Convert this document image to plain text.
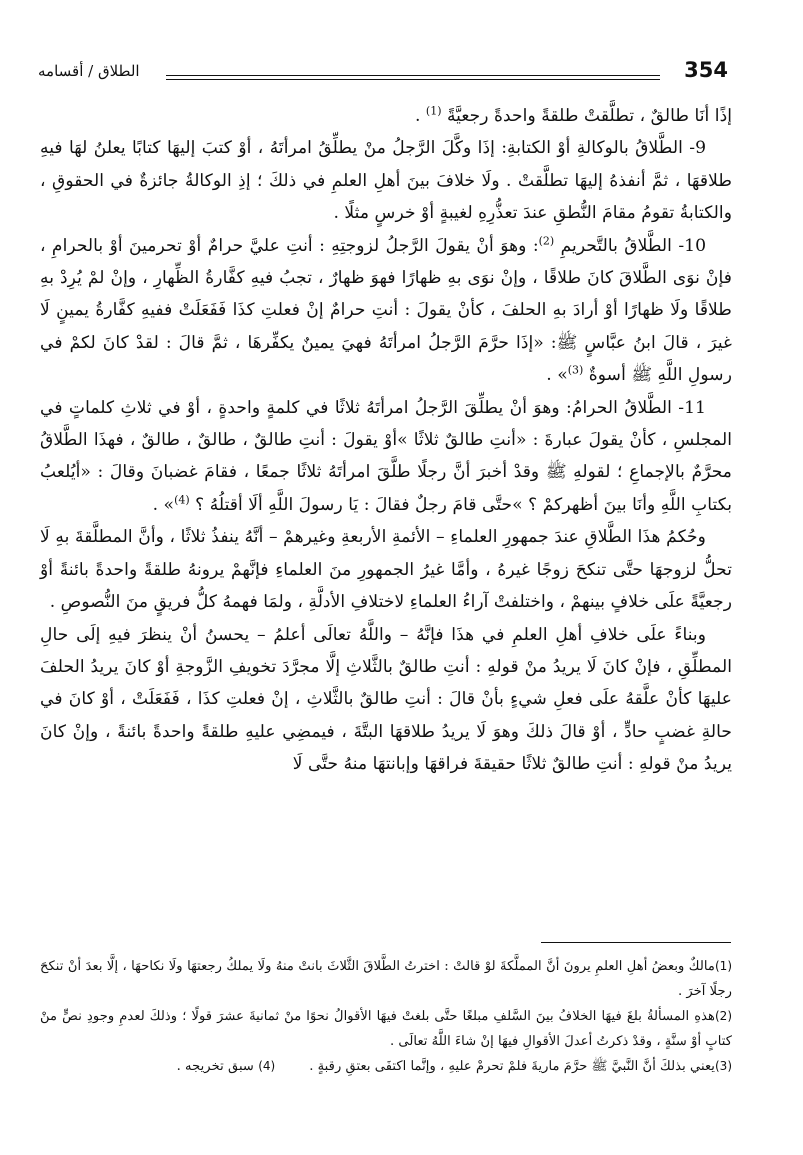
الطلاق / أقسامه	354

إذًا أنَا طالقٌ ، تطلَّقتْ طلقةً واحدةً رجعيَّةً $^{(1)}$ .

9- الطَّلاقُ بالوكالةِ أوْ الكتابةِ: إذَا وكَّلَ الرَّجلُ منْ يطلِّقُ امرأتَهُ ، أوْ كتبَ إليهَا كتابًا يعلنُ لهَا فيهِ طلاقهَا ، ثمَّ أنفذهُ إليهَا تطلَّقتْ . ولَا خلافَ بينَ أهلِ العلمِ في ذلكَ ؛ إذِ الوكالةُ جائزةٌ في الحقوقِ ، والكتابةُ تقومُ مقامَ النُّطقِ عندَ تعذُّرِهِ لغيبةٍ أوْ خرسٍ مثلًا .

10- الطَّلاقُ بالتَّحريمِ $^{(2)}$: وهوَ أنْ يقولَ الرَّجلُ لزوجتِهِ : أنتِ عليَّ حرامٌ أوْ تحرمينَ أوْ بالحرامِ ، فإنْ نوَى الطَّلاقَ كانَ طلاقًا ، وإنْ نوَى بهِ ظهارًا فهوَ ظهارٌ ، تجبُ فيهِ كفَّارةُ الظِّهارِ ، وإنْ لمْ يُرِدْ بهِ طلاقًا ولَا ظهارًا أوْ أرادَ بهِ الحلفَ ، كأنْ يقولَ : أنتِ حرامٌ إنْ فعلتِ كذَا فَفَعَلَتْ ففيهِ كفَّارةُ يمينٍ لَا غيرَ ، قالَ ابنُ عبَّاسٍ ﷺ: «إذَا حرَّمَ الرَّجلُ امرأتَهُ فهيَ يمينٌ يكفِّرهَا ، ثمَّ قالَ : لقدْ كانَ لكمْ في رسولِ اللَّهِ ﷺ أسوةٌ $^{(3)}$» .

11- الطَّلاقُ الحرامُ: وهوَ أنْ يطلِّقَ الرَّجلُ امرأتَهُ ثلاثًا في كلمةٍ واحدةٍ ، أوْ في ثلاثِ كلماتٍ في المجلسِ ، كأنْ يقولَ عبارةَ : «أنتِ طالقٌ ثلاثًا »أوْ يقولَ : أنتِ طالقٌ ، طالقٌ ، طالقٌ ، فهذَا الطَّلاقُ محرَّمٌ بالإجماعِ ؛ لقولهِ ﷺ وقدْ أخبرَ أنَّ رجلًا طلَّقَ امرأتَهُ ثلاثًا جمعًا ، فقامَ غضبانَ وقالَ : «أيُلعبُ بكتابِ اللَّهِ وأنَا بينَ أظهركمْ ؟ »حتَّى قامَ رجلٌ فقالَ : يَا رسولَ اللَّهِ ألَا أقتلُهُ ؟ $^{(4)}$» .

وحُكمُ هذَا الطَّلاقِ عندَ جمهورِ العلماءِ – الأئمةِ الأربعةِ وغيرهمْ – أنَّهُ ينفذُ ثلاثًا ، وأنَّ المطلَّقةَ بهِ لَا تحلُّ لزوجهَا حتَّى تنكحَ زوجًا غيرهُ ، وأمَّا غيرُ الجمهورِ منَ العلماءِ فإنَّهمْ يرونهُ طلقةً واحدةً بائنةً أوْ رجعيَّةً علَى خلافٍ بينهمْ ، واختلفتْ آراءُ العلماءِ لاختلافِ الأدلَّةِ ، ولمَا فهمهُ كلُّ فريقٍ منَ النُّصوصِ .

وبناءً علَى خلافِ أهلِ العلمِ في هذَا فإنَّهُ – واللَّهُ تعالَى أعلمُ – يحسنُ أنْ ينظرَ فيهِ إلَى حالِ المطلِّقِ ، فإنْ كانَ لَا يريدُ منْ قولهِ : أنتِ طالقٌ بالثَّلاثِ إلَّا مجرَّدَ تخويفِ الزَّوجةِ أوْ كانَ يريدُ الحلفَ عليهَا كأنْ علَّقهُ علَى فعلِ شيءٍ بأنْ قالَ : أنتِ طالقٌ بالثَّلاثِ ، إنْ فعلتِ كذَا ، فَفَعَلَتْ ، أوْ كانَ في حالةِ غضبٍ حادٍّ ، أوْ قالَ ذلكَ وهوَ لَا يريدُ طلاقهَا البتَّةَ ، فيمضِي عليهِ طلقةً واحدةً بائنةً ، وإنْ كانَ يريدُ منْ قولهِ : أنتِ طالقٌ ثلاثًا حقيقةَ فراقهَا وإبانتهَا منهُ حتَّى لَا

(1)مالكٌ وبعضُ أهلِ العلمِ يرونَ أنَّ المملَّكةَ لوْ قالتْ : اخترتُ الطَّلاقَ الثَّلاثَ بانتْ منهُ ولَا يملكُ رجعتهَا ولَا نكاحهَا ، إلَّا بعدَ أنْ تنكحَ رجلًا آخرَ .

(2)هذهِ المسألةُ بلغَ فيهَا الخلافُ بينَ السَّلفِ مبلغًا حتَّى بلغتْ فيهَا الأقوالُ نحوًا منْ ثمانيةَ عشرَ قولًا ؛ وذلكَ لعدمِ وجودِ نصٍّ منْ كتابٍ أوْ سنَّةٍ ، وقدْ ذكرتُ أعدلَ الأقوالِ فيهَا إنْ شاءَ اللَّهُ تعالَى .

(3)يعني بذلكَ أنَّ النَّبيَّ ﷺ حرَّمَ ماريةَ فلمْ تحرمْ عليهِ ، وإنَّما اكتفَى بعتقِ رقبةٍ .(4) سبق تخريجه .
